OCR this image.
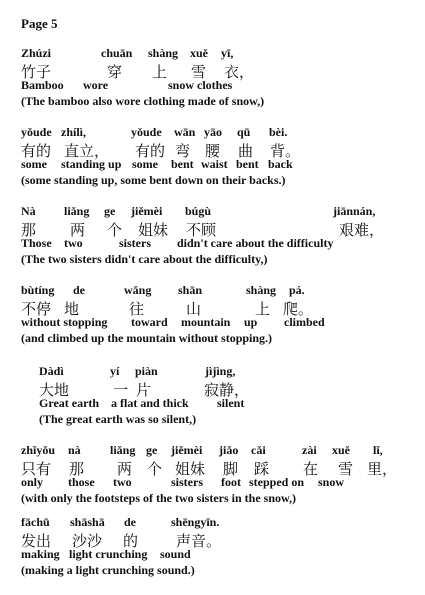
Page 5
Zhúzi	chuān shàng xuě yī,
竹子	穿 上 雪 衣，
Bamboo wore	snow clothes
(The bamboo also wore clothing made of snow,)
yǒude zhílì,	yǒude wān yāo qū bèi.
有的 直立， 有的 弯 腰 曲 背。
some standing up some bent waist bent back
(some standing up, some bent down on their backs.)
Nà liǎng ge jiěmèi búgù	jiānnán,
那 两 个 姐妹 不顾	艰难，
Those two	sisters didn't care about the difficulty
(The two sisters didn't care about the difficulty,)
bùtíng de	wǎng shān	shàng pá.
不停 地	往	山	上 爬。
without stopping toward mountain up climbed
(and climbed up the mountain without stopping.)
Dàdì	yí piàn	jìjìng,
大地	一 片	寂静，
Great earth a flat and thick silent
(The great earth was so silent,)
zhǐyǒu nà liǎng ge jiěmèi jiǎo cǎi	zài xuě lǐ,
只有 那 两 个 姐妹 脚 踩 在 雪 里，
only those two	sisters foot stepped on snow
(with only the footsteps of the two sisters in the snow,)
fāchū shāshā de	shēngyīn.
发出 沙沙 的	声音。
making light crunching sound
(making a light crunching sound.)
